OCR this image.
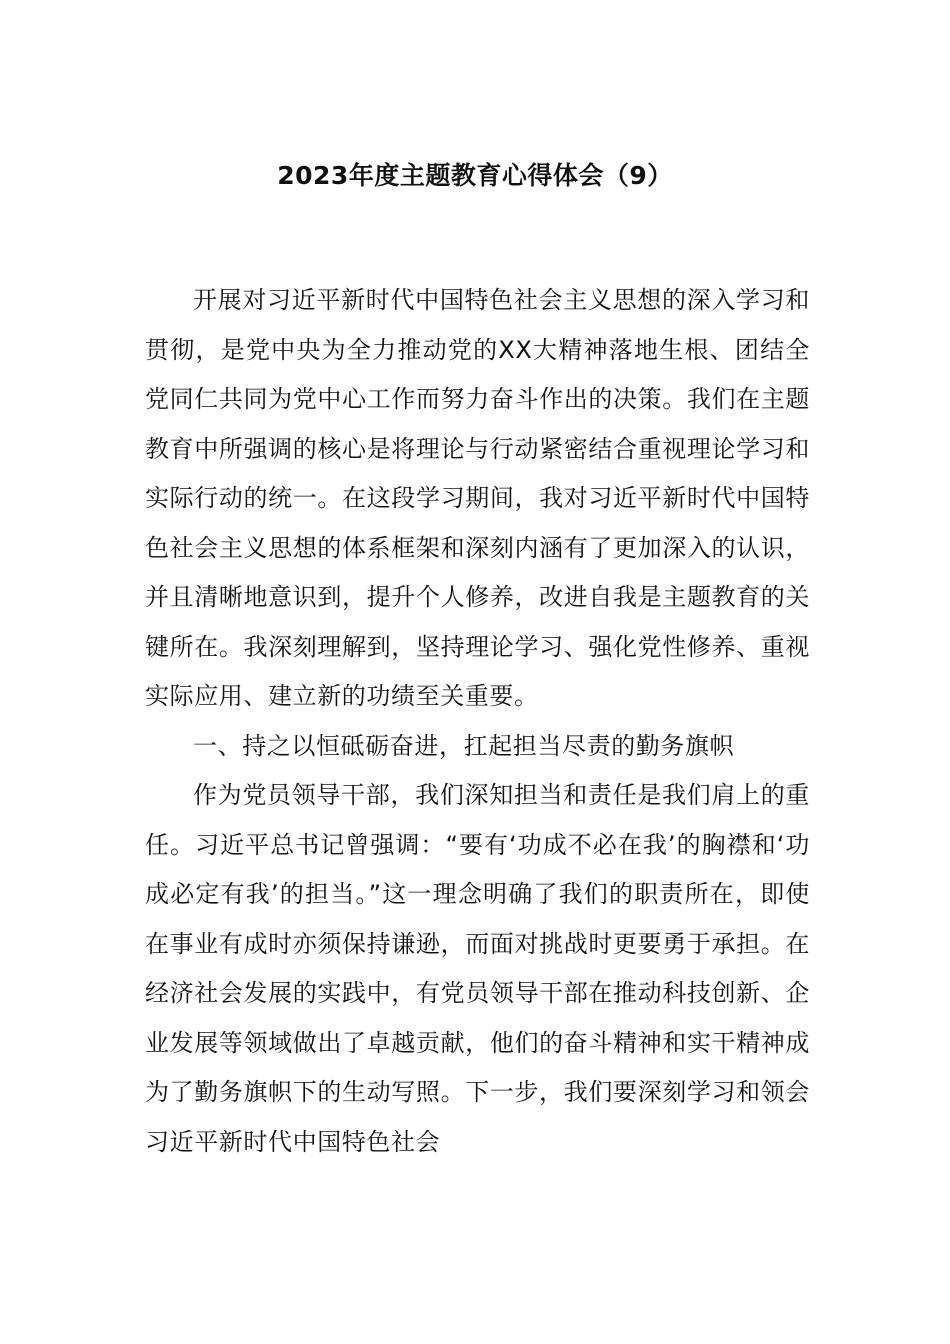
2023年度主题教育心得体会（9）

开展对习近平新时代中国特色社会主义思想的深入学习和贯彻，是党中央为全力推动党的XX大精神落地生根、团结全党同仁共同为党中心工作而努力奋斗作出的决策。我们在主题教育中所强调的核心是将理论与行动紧密结合重视理论学习和实际行动的统一。在这段学习期间，我对习近平新时代中国特色社会主义思想的体系框架和深刻内涵有了更加深入的认识，并且清晰地意识到，提升个人修养，改进自我是主题教育的关键所在。我深刻理解到，坚持理论学习、强化党性修养、重视实际应用、建立新的功绩至关重要。

一、持之以恒砥砺奋进，扛起担当尽责的勤务旗帜

作为党员领导干部，我们深知担当和责任是我们肩上的重任。习近平总书记曾强调：“要有‘功成不必在我’的胸襟和‘功成必定有我’的担当。”这一理念明确了我们的职责所在，即使在事业有成时亦须保持谦逊，而面对挑战时更要勇于承担。在经济社会发展的实践中，有党员领导干部在推动科技创新、企业发展等领域做出了卓越贡献，他们的奋斗精神和实干精神成为了勤务旗帜下的生动写照。下一步，我们要深刻学习和领会习近平新时代中国特色社会
